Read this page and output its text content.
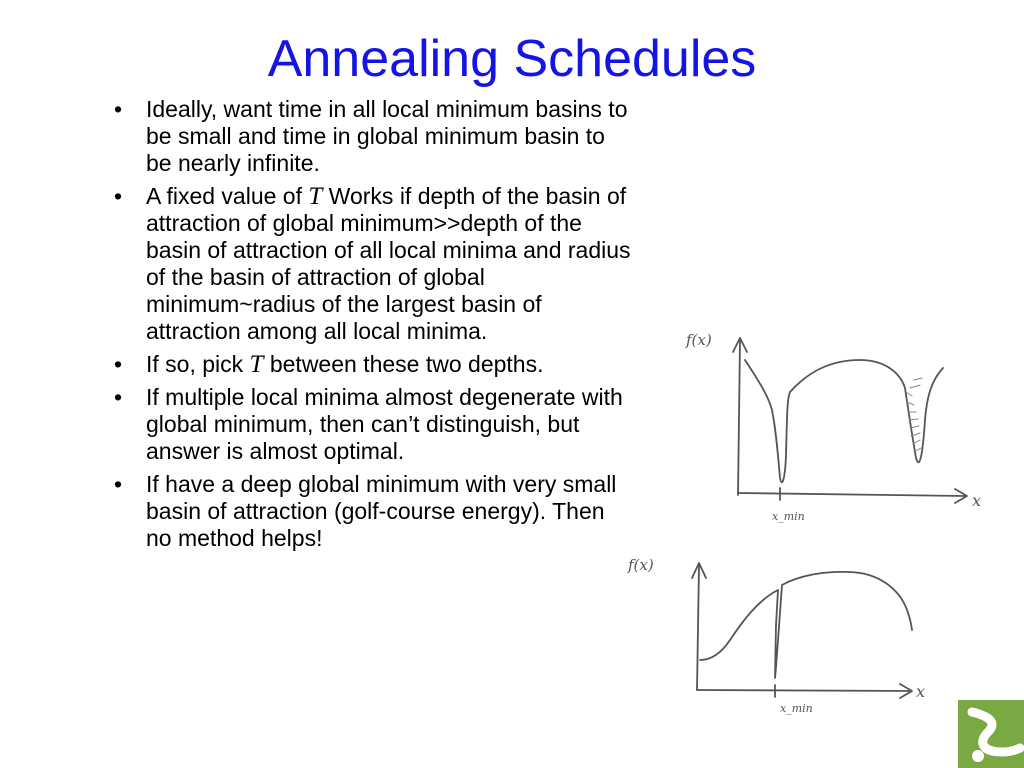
Annealing Schedules
• Ideally, want time in all local minimum basins to be small and time in global minimum basin to be nearly infinite.
• A fixed value of T Works if depth of the basin of attraction of global minimum>>depth of the basin of attraction of all local minima and radius of the basin of attraction of global minimum~radius of the largest basin of attraction among all local minima.
• If so, pick T between these two depths.
• If multiple local minima almost degenerate with global minimum, then can’t distinguish, but answer is almost optimal.
• If have a deep global minimum with very small basin of attraction (golf-course energy). Then no method helps!
f(x)
x
x_min
f(x)
x
x_min
